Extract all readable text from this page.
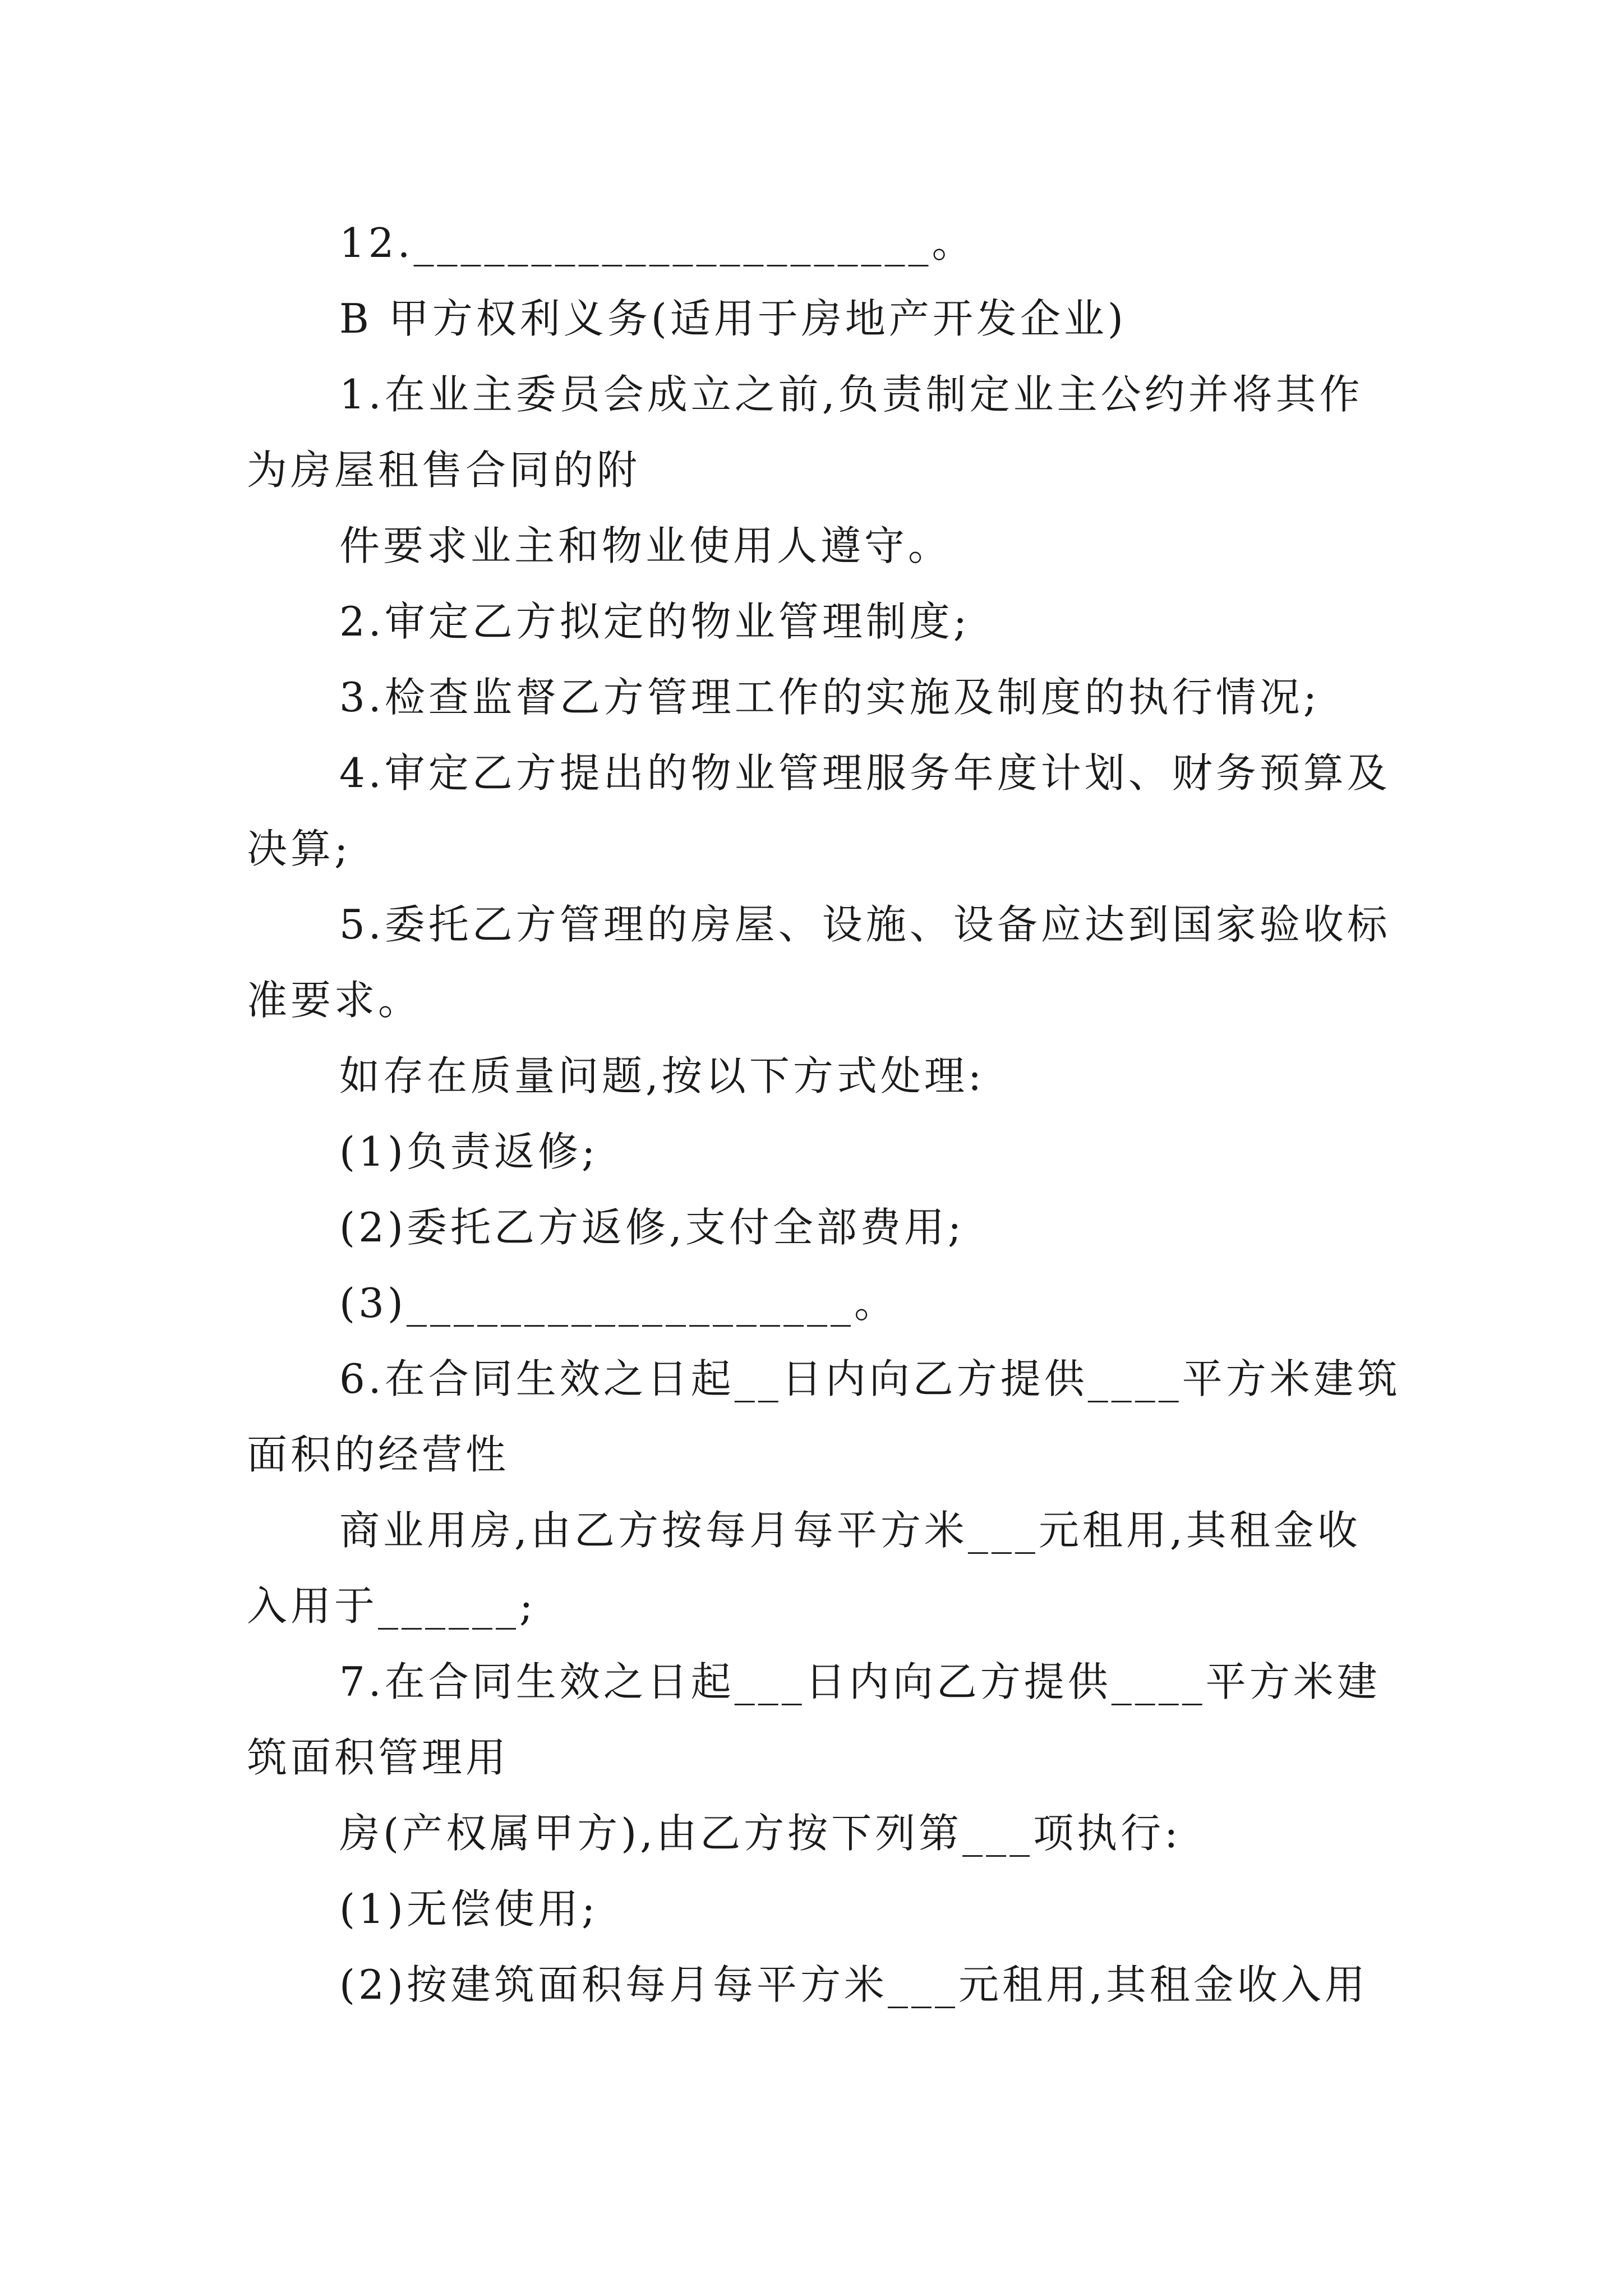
12.______________________。
B 甲方权利义务(适用于房地产开发企业)
1.在业主委员会成立之前,负责制定业主公约并将其作
为房屋租售合同的附
件要求业主和物业使用人遵守。
2.审定乙方拟定的物业管理制度;
3.检查监督乙方管理工作的实施及制度的执行情况;
4.审定乙方提出的物业管理服务年度计划、财务预算及
决算;
5.委托乙方管理的房屋、设施、设备应达到国家验收标
准要求。
如存在质量问题,按以下方式处理:
(1)负责返修;
(2)委托乙方返修,支付全部费用;
(3)___________________。
6.在合同生效之日起__日内向乙方提供____平方米建筑
面积的经营性
商业用房,由乙方按每月每平方米___元租用,其租金收
入用于______;
7.在合同生效之日起___日内向乙方提供____平方米建
筑面积管理用
房(产权属甲方),由乙方按下列第___项执行:
(1)无偿使用;
(2)按建筑面积每月每平方米___元租用,其租金收入用
